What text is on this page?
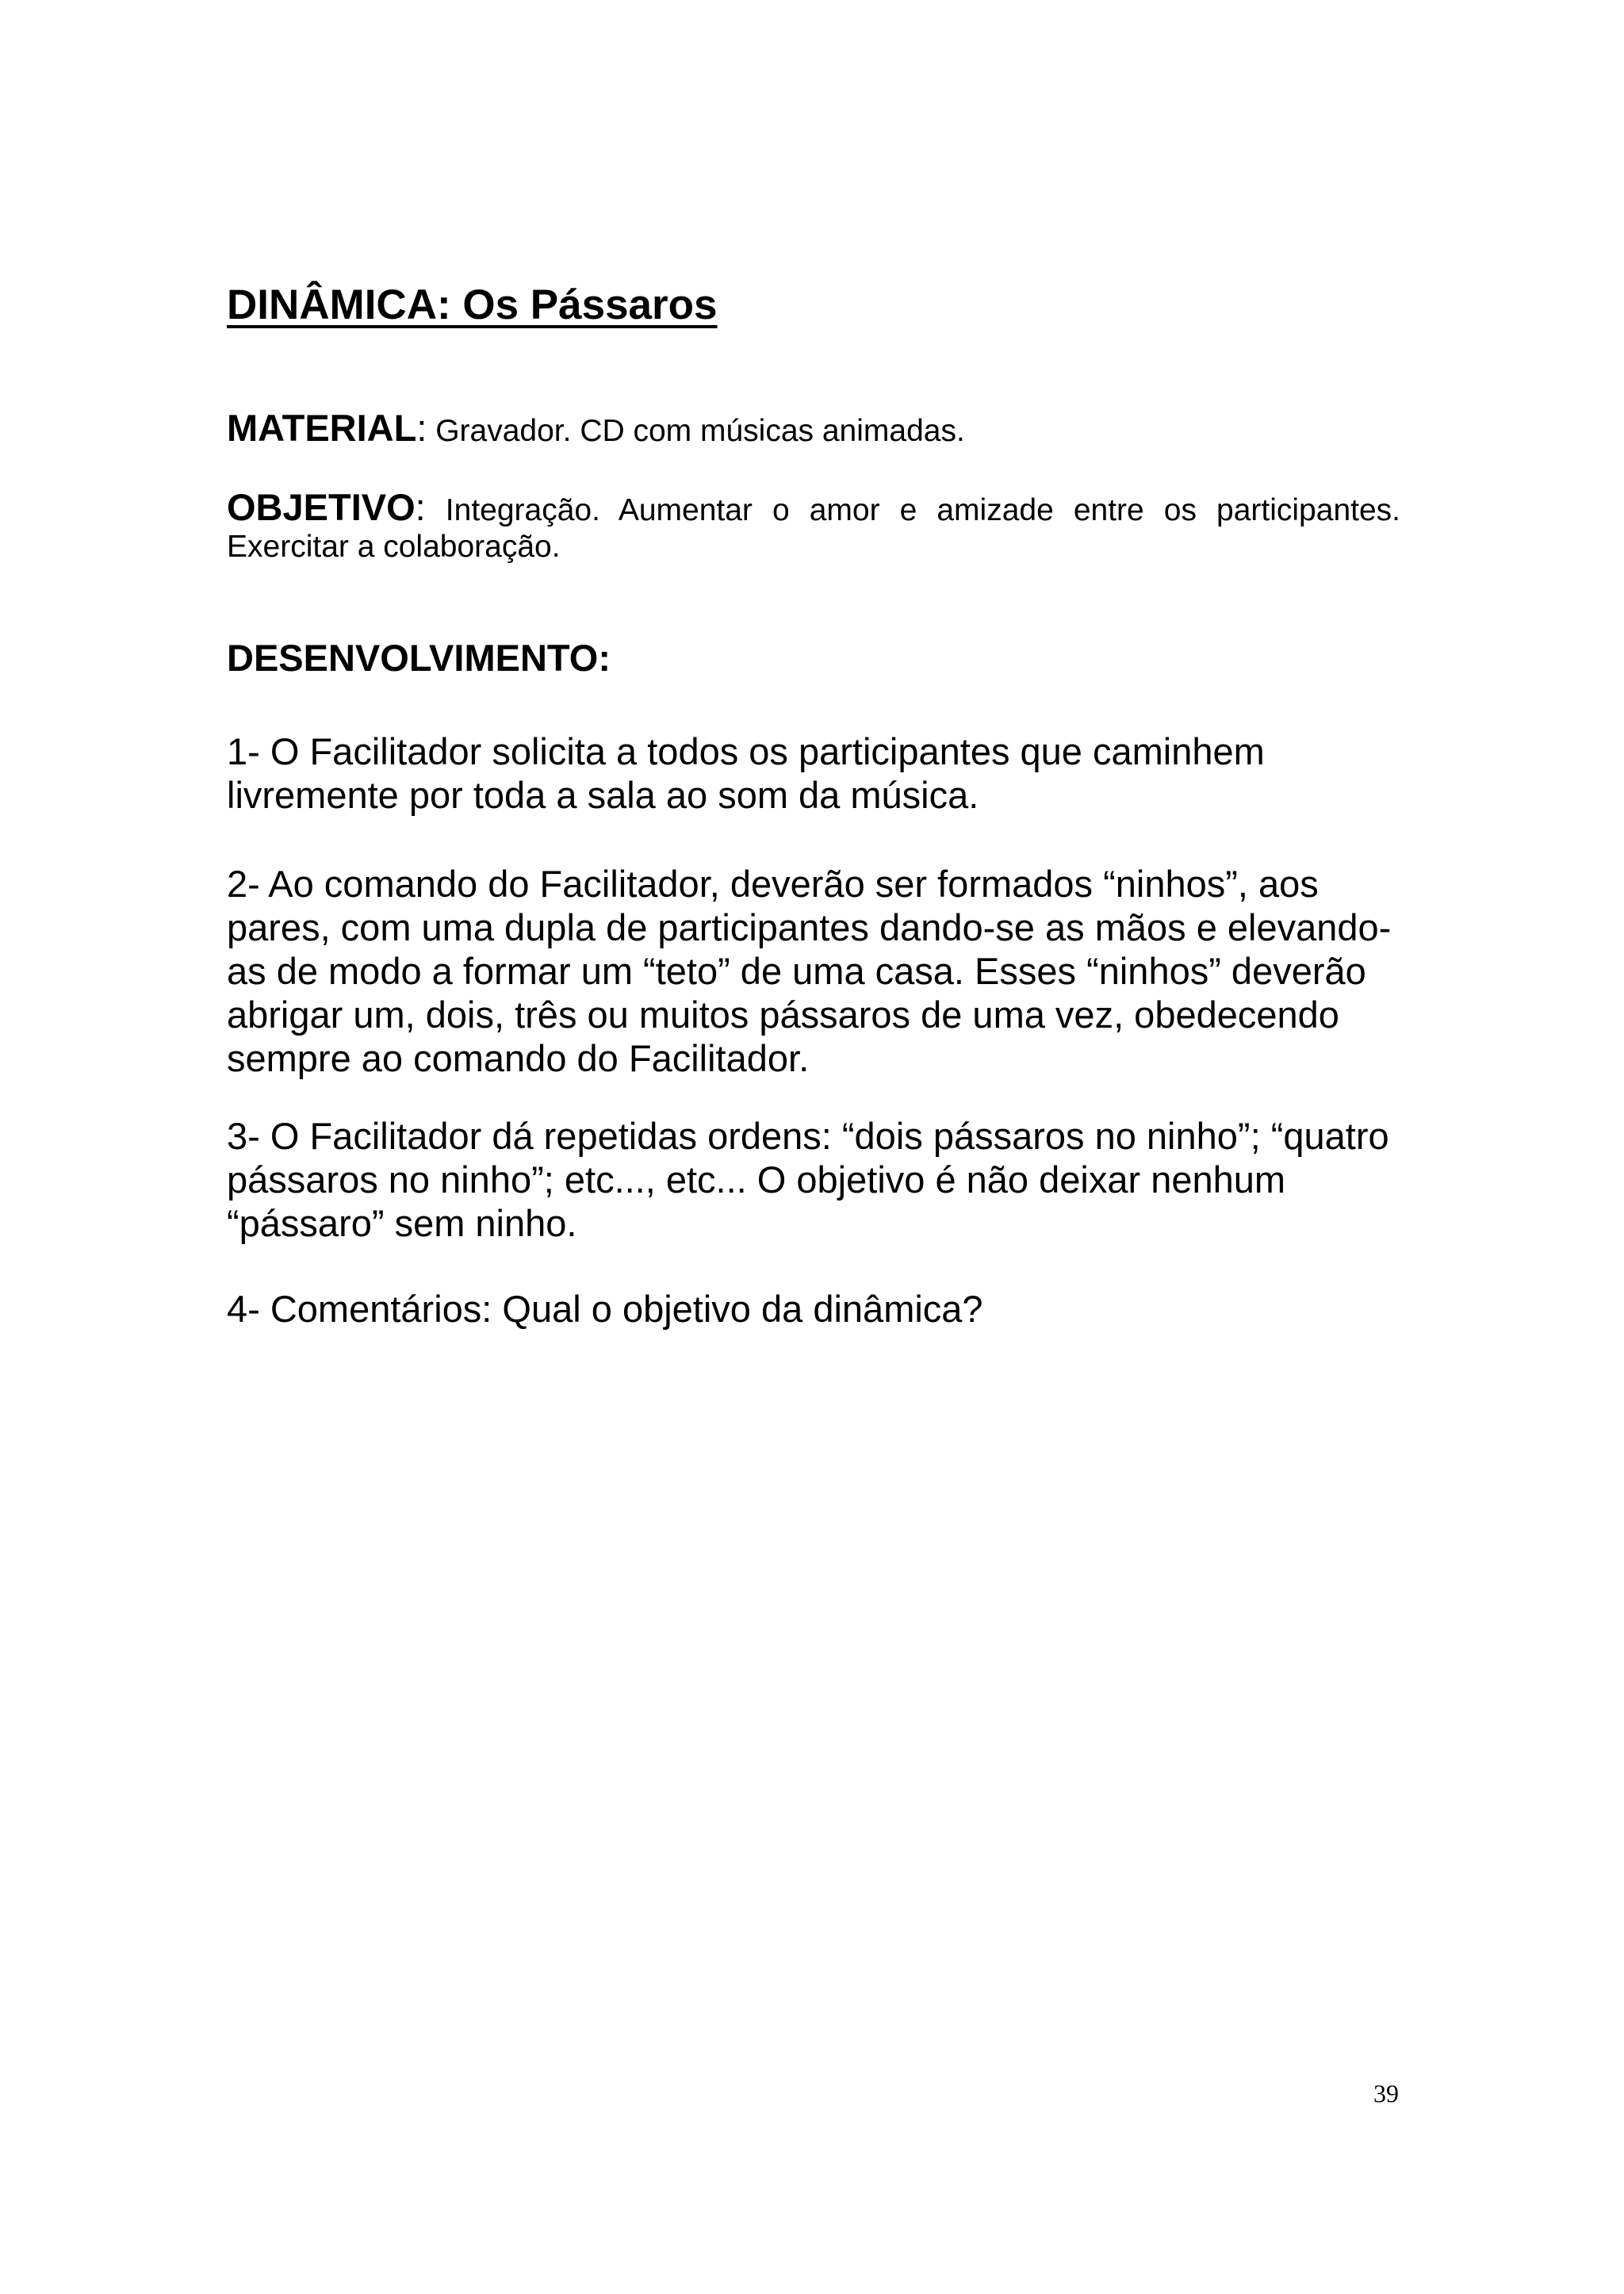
DINÂMICA: Os Pássaros
MATERIAL: Gravador. CD com músicas animadas.
OBJETIVO: Integração. Aumentar o amor e amizade entre os participantes.
Exercitar a colaboração.
DESENVOLVIMENTO:
1- O Facilitador solicita a todos os participantes que caminhem
livremente por toda a sala ao som da música.
2- Ao comando do Facilitador, deverão ser formados “ninhos”, aos
pares, com uma dupla de participantes dando-se as mãos e elevando-
as de modo a formar um “teto” de uma casa. Esses “ninhos” deverão
abrigar um, dois, três ou muitos pássaros de uma vez, obedecendo
sempre ao comando do Facilitador.
3- O Facilitador dá repetidas ordens: “dois pássaros no ninho”; “quatro
pássaros no ninho”; etc..., etc... O objetivo é não deixar nenhum
“pássaro” sem ninho.
4- Comentários: Qual o objetivo da dinâmica?
39
